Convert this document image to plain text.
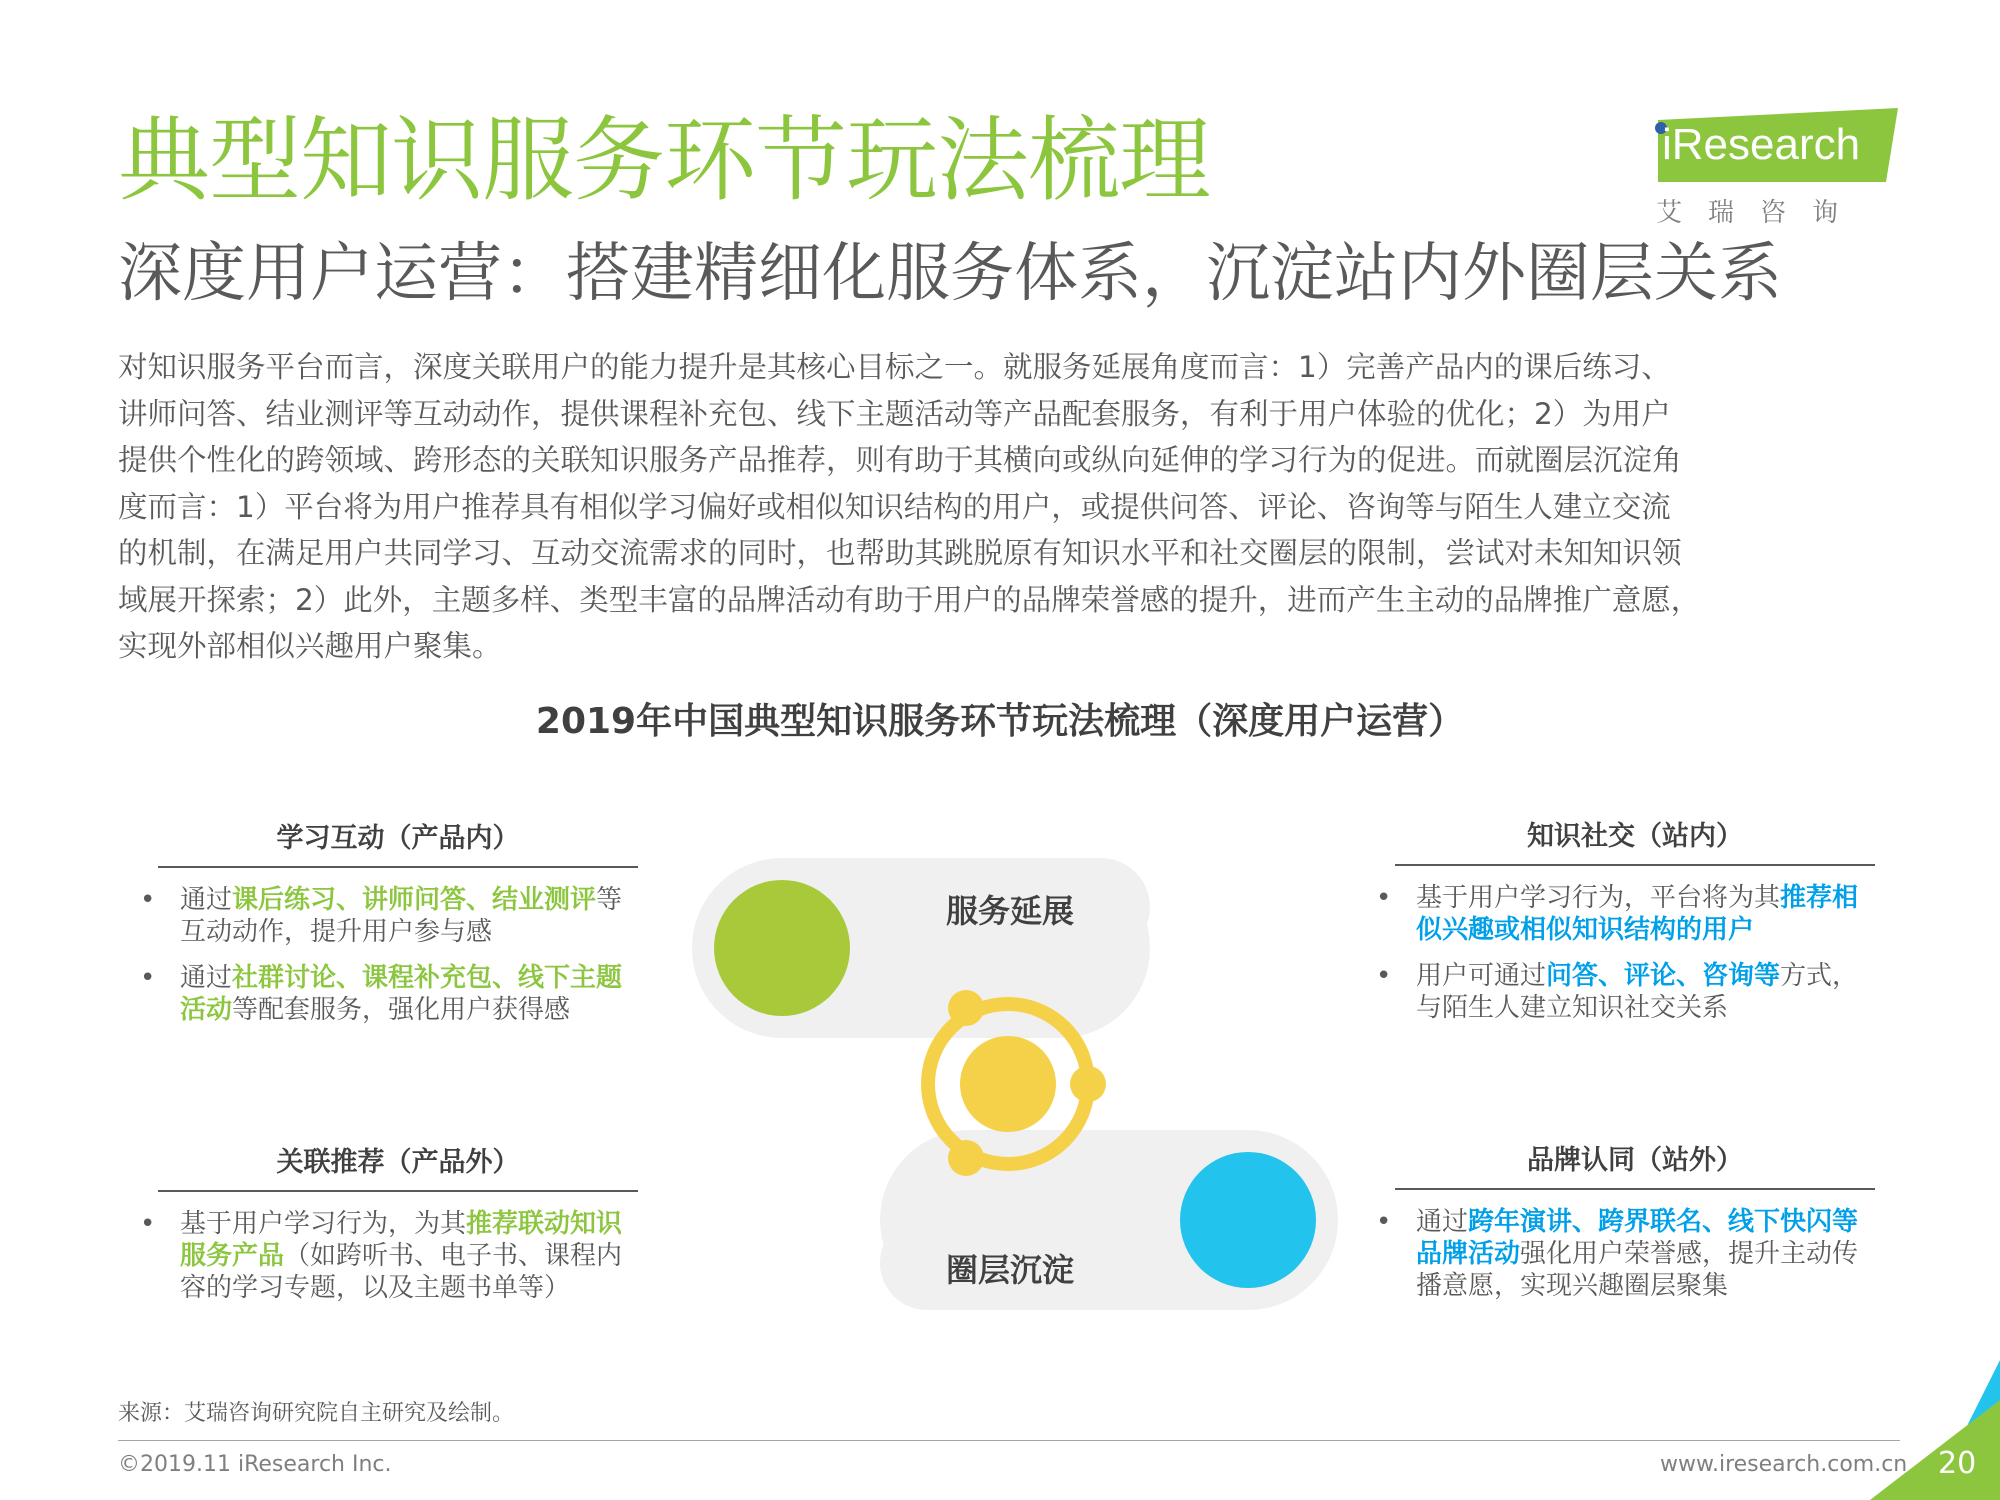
典型知识服务环节玩法梳理
深度用户运营：搭建精细化服务体系，沉淀站内外圈层关系
iResearch
艾瑞咨询

对知识服务平台而言，深度关联用户的能力提升是其核心目标之一。就服务延展角度而言：1）完善产品内的课后练习、

讲师问答、结业测评等互动动作，提供课程补充包、线下主题活动等产品配套服务，有利于用户体验的优化；2）为用户

提供个性化的跨领域、跨形态的关联知识服务产品推荐，则有助于其横向或纵向延伸的学习行为的促进。而就圈层沉淀角

度而言：1）平台将为用户推荐具有相似学习偏好或相似知识结构的用户，或提供问答、评论、咨询等与陌生人建立交流

的机制，在满足用户共同学习、互动交流需求的同时，也帮助其跳脱原有知识水平和社交圈层的限制，尝试对未知知识领

域展开探索；2）此外，主题多样、类型丰富的品牌活动有助于用户的品牌荣誉感的提升，进而产生主动的品牌推广意愿，

实现外部相似兴趣用户聚集。

2019年中国典型知识服务环节玩法梳理（深度用户运营）
服务延展
圈层沉淀
学习互动（产品内）
• 通过课后练习、讲师问答、结业测评等互动动作，提升用户参与感
• 通过社群讨论、课程补充包、线下主题活动等配套服务，强化用户获得感
关联推荐（产品外）
• 基于用户学习行为，为其推荐联动知识服务产品（如跨听书、电子书、课程内容的学习专题，以及主题书单等）
知识社交（站内）
• 基于用户学习行为，平台将为其推荐相似兴趣或相似知识结构的用户
• 用户可通过问答、评论、咨询等方式，与陌生人建立知识社交关系
品牌认同（站外）
• 通过跨年演讲、跨界联名、线下快闪等品牌活动强化用户荣誉感，提升主动传播意愿，实现兴趣圈层聚集
来源：艾瑞咨询研究院自主研究及绘制。
©2019.11 iResearch Inc.	www.iresearch.com.cn 20
